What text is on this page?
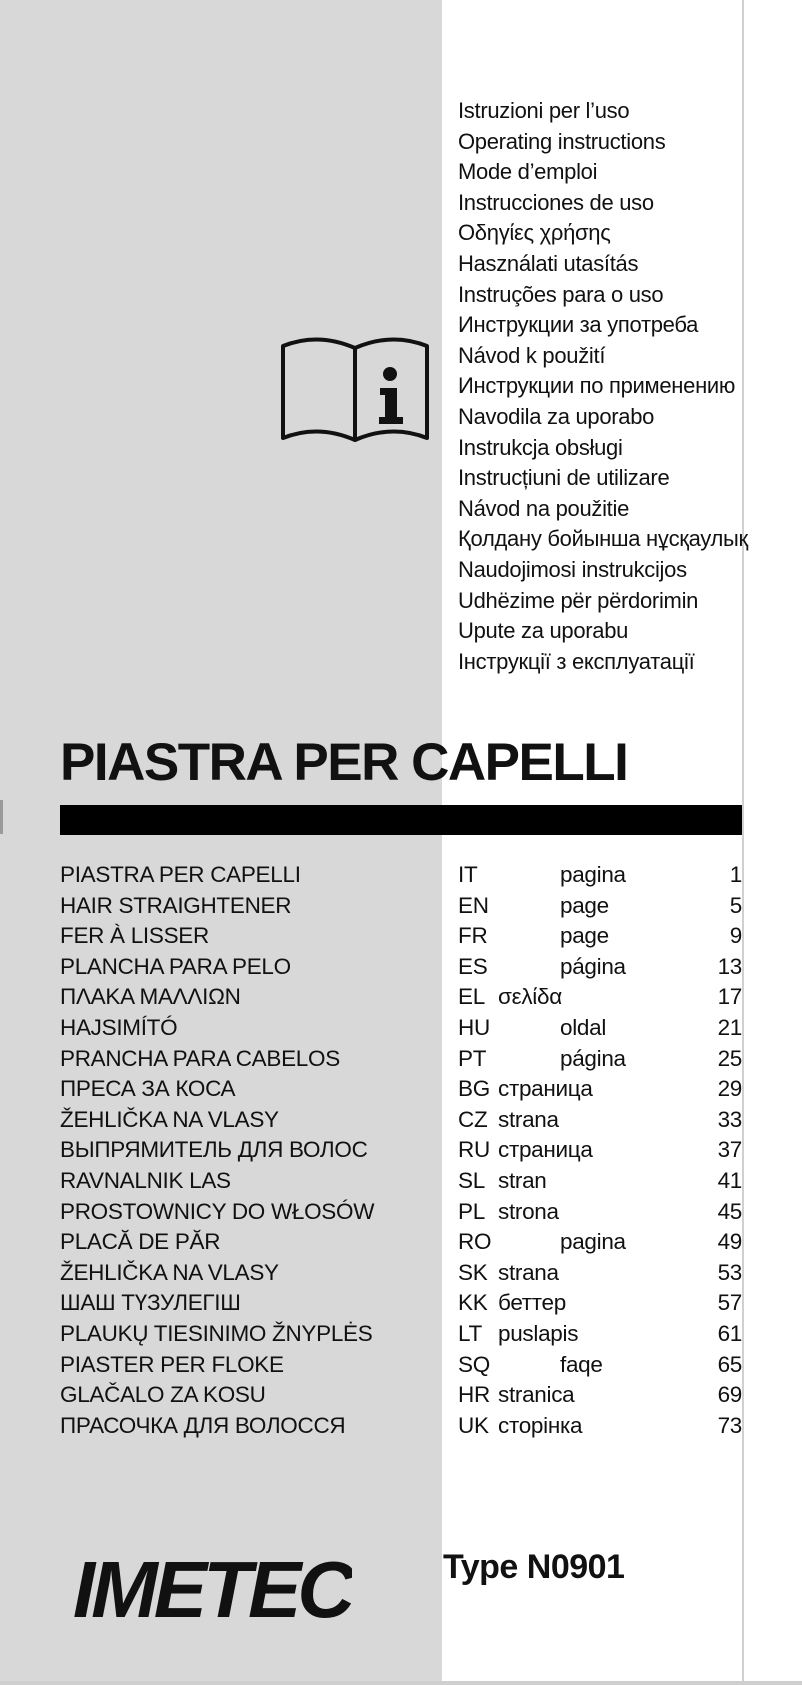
Istruzioni per l’uso
Operating instructions
Mode d’emploi
Instrucciones de uso
Οδηγίες χρήσης
Használati utasítás
Instruções para o uso
Инструкции за употреба
Návod k použití
Инструкции по применению
Navodila za uporabo
Instrukcja obsługi
Instrucțiuni de utilizare
Návod na použitie
Қолдану бойынша нұсқаулық
Naudojimosi instrukcijos
Udhëzime për përdorimin
Upute za uporabu
Інструкції з експлуатації
PIASTRA PER CAPELLI
PIASTRA PER CAPELLI	IT	pagina	1
HAIR STRAIGHTENER	EN	page	5
FER À LISSER	FR	page	9
PLANCHA PARA PELO	ES	página	13
ΠΛΑΚΑ ΜΑΛΛΙΩΝ	EL σελίδα	17
HAJSIMÍTÓ	HU	oldal	21
PRANCHA PARA CABELOS	PT	página	25
ПРЕСА ЗА КОСА	BG страница	29
ŽEHLIČKA NA VLASY	CZ strana	33
ВЫПРЯМИТЕЛЬ ДЛЯ ВОЛОС	RU страница	37
RAVNALNIK LAS	SL stran	41
PROSTOWNICY DO WŁOSÓW	PL strona	45
PLACĂ DE PĂR	RO	pagina	49
ŽEHLIČKA NA VLASY	SK strana	53
ШАШ ТҮЗУЛЕГІШ	KK беттер	57
PLAUKŲ TIESINIMO ŽNYPLĖS	LT puslapis	61
PIASTER PER FLOKE	SQ	faqe	65
GLAČALO ZA KOSU	HR stranica	69
ПРАСОЧКА ДЛЯ ВОЛОССЯ	UK сторінка	73
IMETEC	Type N0901
